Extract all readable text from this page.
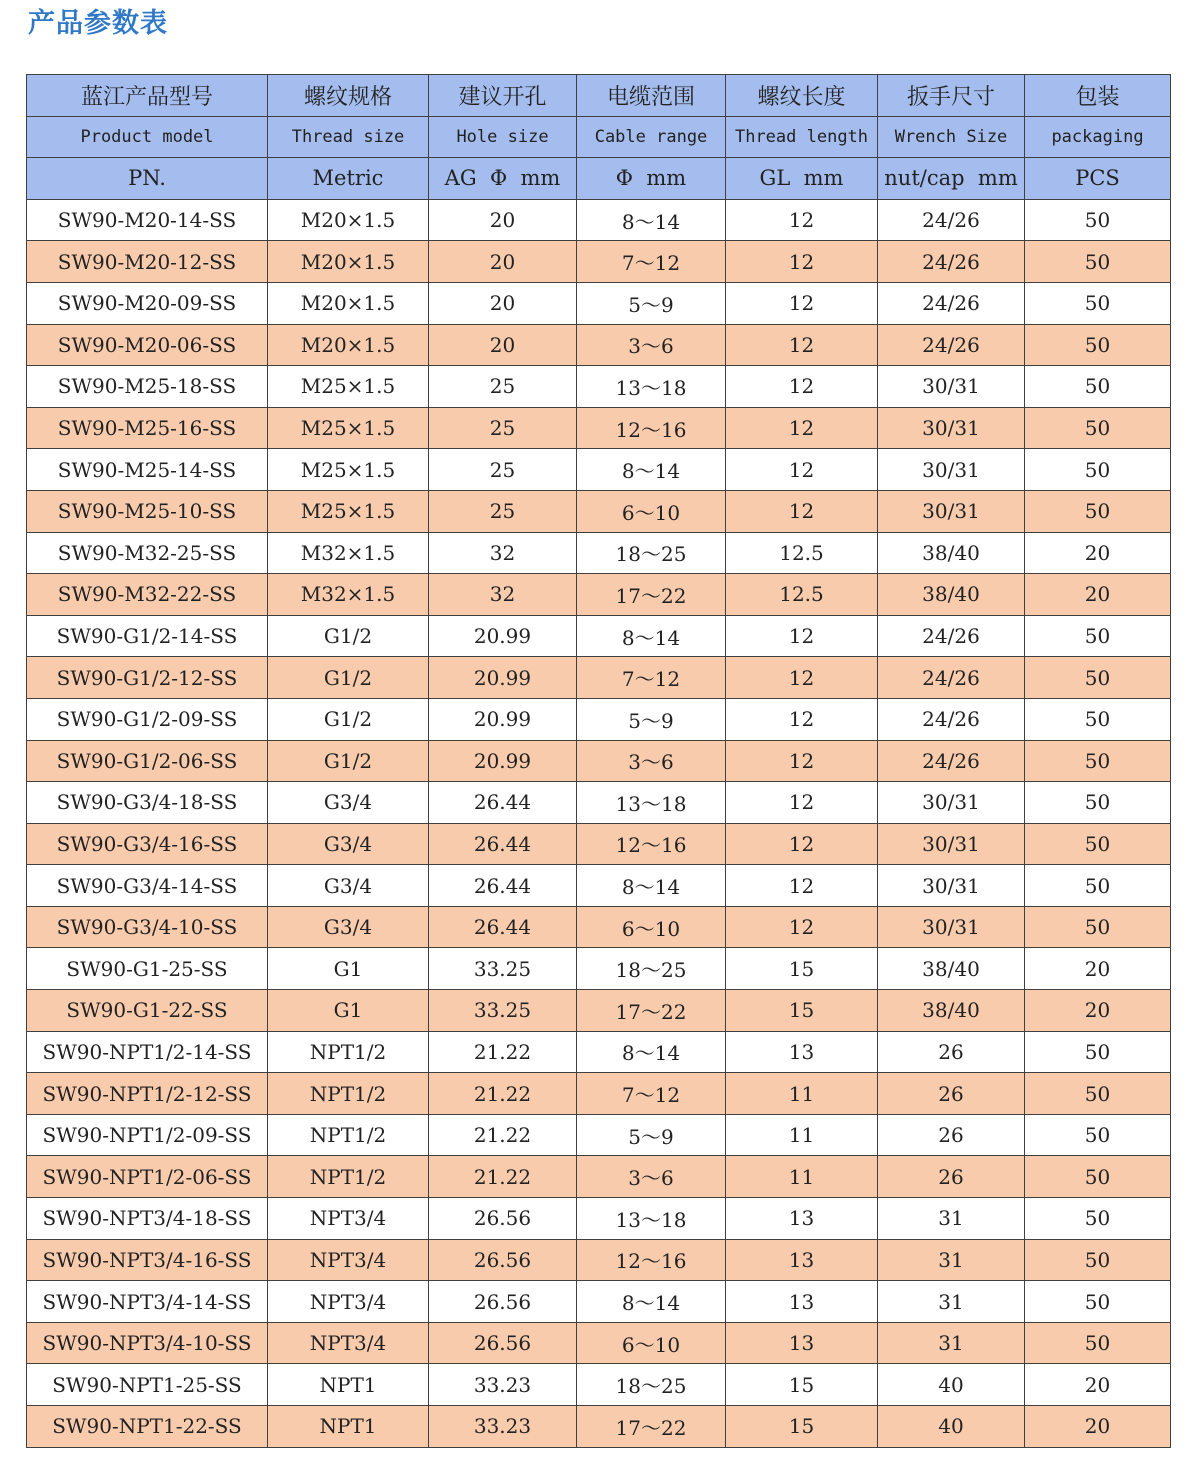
产品参数表
蓝江产品型号	螺纹规格	建议开孔	电缆范围	螺纹长度	扳手尺寸	包装
Product model	Thread size	Hole size	Cable range	Thread length	Wrench Size	packaging
PN.	Metric	AG  Φ  mm	Φ  mm	GL  mm	nut/cap  mm	PCS
SW90-M20-14-SS	M20×1.5	20	8～14	12	24/26	50
SW90-M20-12-SS	M20×1.5	20	7～12	12	24/26	50
SW90-M20-09-SS	M20×1.5	20	5～9	12	24/26	50
SW90-M20-06-SS	M20×1.5	20	3～6	12	24/26	50
SW90-M25-18-SS	M25×1.5	25	13～18	12	30/31	50
SW90-M25-16-SS	M25×1.5	25	12～16	12	30/31	50
SW90-M25-14-SS	M25×1.5	25	8～14	12	30/31	50
SW90-M25-10-SS	M25×1.5	25	6～10	12	30/31	50
SW90-M32-25-SS	M32×1.5	32	18～25	12.5	38/40	20
SW90-M32-22-SS	M32×1.5	32	17～22	12.5	38/40	20
SW90-G1/2-14-SS	G1/2	20.99	8～14	12	24/26	50
SW90-G1/2-12-SS	G1/2	20.99	7～12	12	24/26	50
SW90-G1/2-09-SS	G1/2	20.99	5～9	12	24/26	50
SW90-G1/2-06-SS	G1/2	20.99	3～6	12	24/26	50
SW90-G3/4-18-SS	G3/4	26.44	13～18	12	30/31	50
SW90-G3/4-16-SS	G3/4	26.44	12～16	12	30/31	50
SW90-G3/4-14-SS	G3/4	26.44	8～14	12	30/31	50
SW90-G3/4-10-SS	G3/4	26.44	6～10	12	30/31	50
SW90-G1-25-SS	G1	33.25	18～25	15	38/40	20
SW90-G1-22-SS	G1	33.25	17～22	15	38/40	20
SW90-NPT1/2-14-SS	NPT1/2	21.22	8～14	13	26	50
SW90-NPT1/2-12-SS	NPT1/2	21.22	7～12	11	26	50
SW90-NPT1/2-09-SS	NPT1/2	21.22	5～9	11	26	50
SW90-NPT1/2-06-SS	NPT1/2	21.22	3～6	11	26	50
SW90-NPT3/4-18-SS	NPT3/4	26.56	13～18	13	31	50
SW90-NPT3/4-16-SS	NPT3/4	26.56	12～16	13	31	50
SW90-NPT3/4-14-SS	NPT3/4	26.56	8～14	13	31	50
SW90-NPT3/4-10-SS	NPT3/4	26.56	6～10	13	31	50
SW90-NPT1-25-SS	NPT1	33.23	18～25	15	40	20
SW90-NPT1-22-SS	NPT1	33.23	17～22	15	40	20
